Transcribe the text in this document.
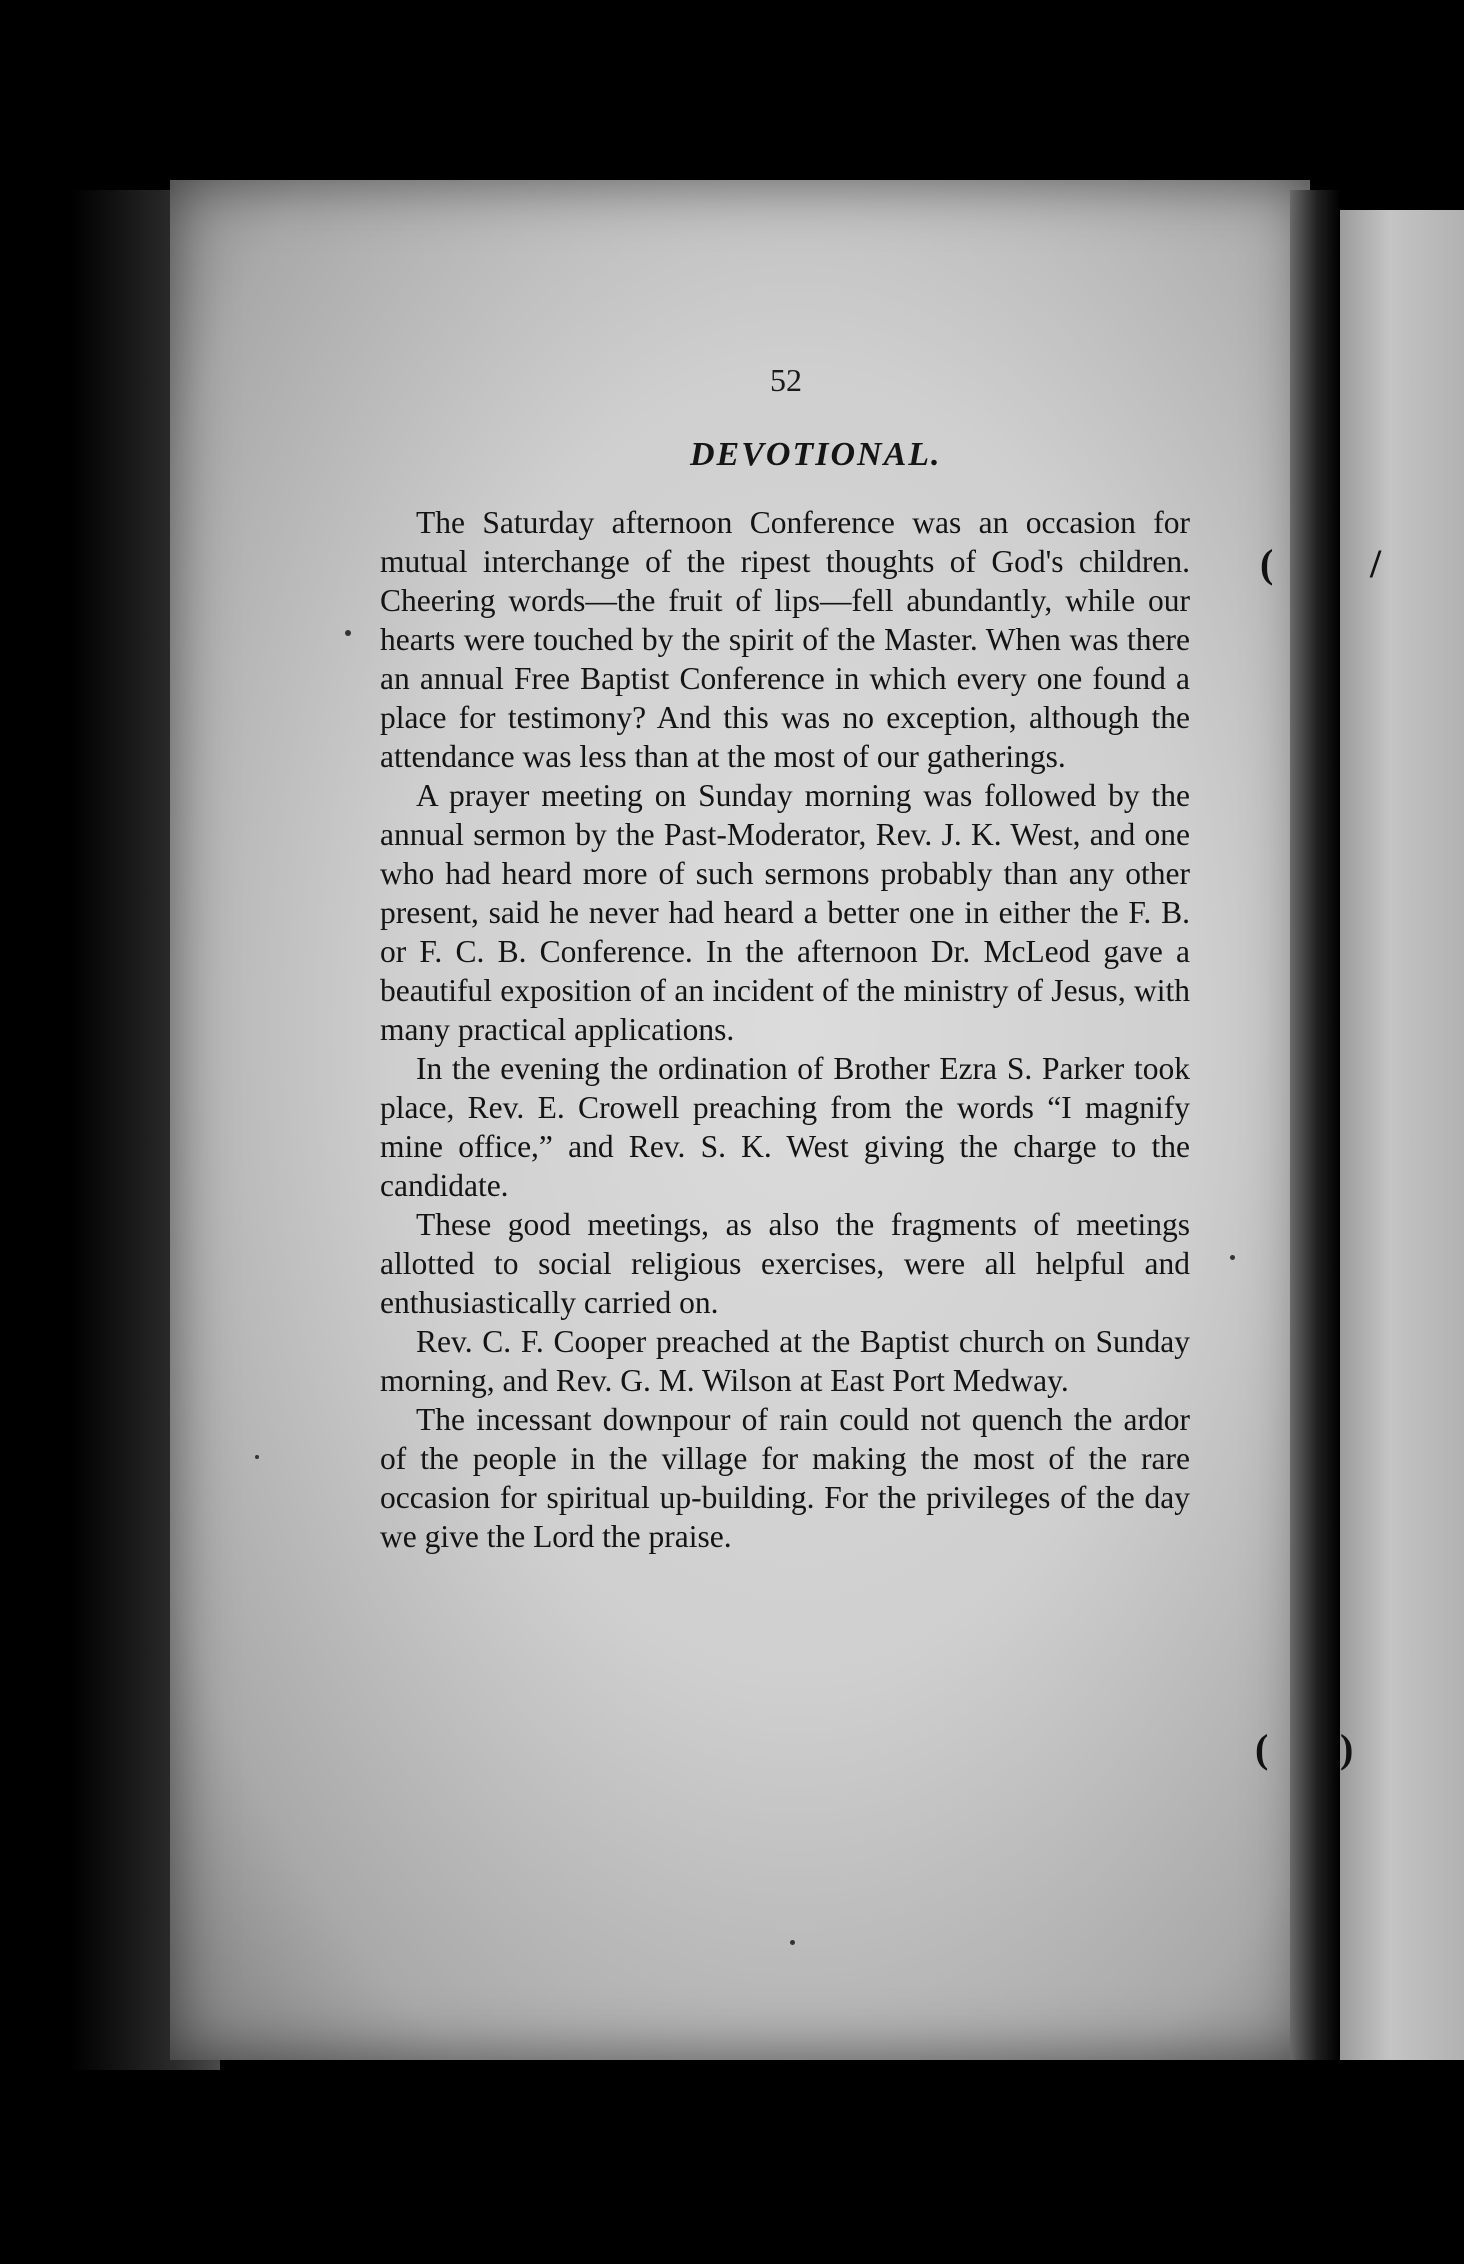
( /
( )
52
DEVOTIONAL.

The Saturday afternoon Conference was an occasion for mutual interchange of the ripest thoughts of God's children. Cheering words—the fruit of lips—fell abundantly, while our hearts were touched by the spirit of the Master. When was there an annual Free Baptist Conference in which every one found a place for testimony? And this was no exception, although the attendance was less than at the most of our gatherings.

A prayer meeting on Sunday morning was followed by the annual sermon by the Past-Moderator, Rev. J. K. West, and one who had heard more of such sermons probably than any other present, said he never had heard a better one in either the F. B. or F. C. B. Conference. In the afternoon Dr. McLeod gave a beautiful exposition of an incident of the ministry of Jesus, with many practical applications.

In the evening the ordination of Brother Ezra S. Parker took place, Rev. E. Crowell preaching from the words “I magnify mine office,” and Rev. S. K. West giving the charge to the candidate.

These good meetings, as also the fragments of meetings allotted to social religious exercises, were all helpful and enthusiastically carried on.

Rev. C. F. Cooper preached at the Baptist church on Sunday morning, and Rev. G. M. Wilson at East Port Medway.

The incessant downpour of rain could not quench the ardor of the people in the village for making the most of the rare occasion for spiritual up-building. For the privileges of the day we give the Lord the praise.
